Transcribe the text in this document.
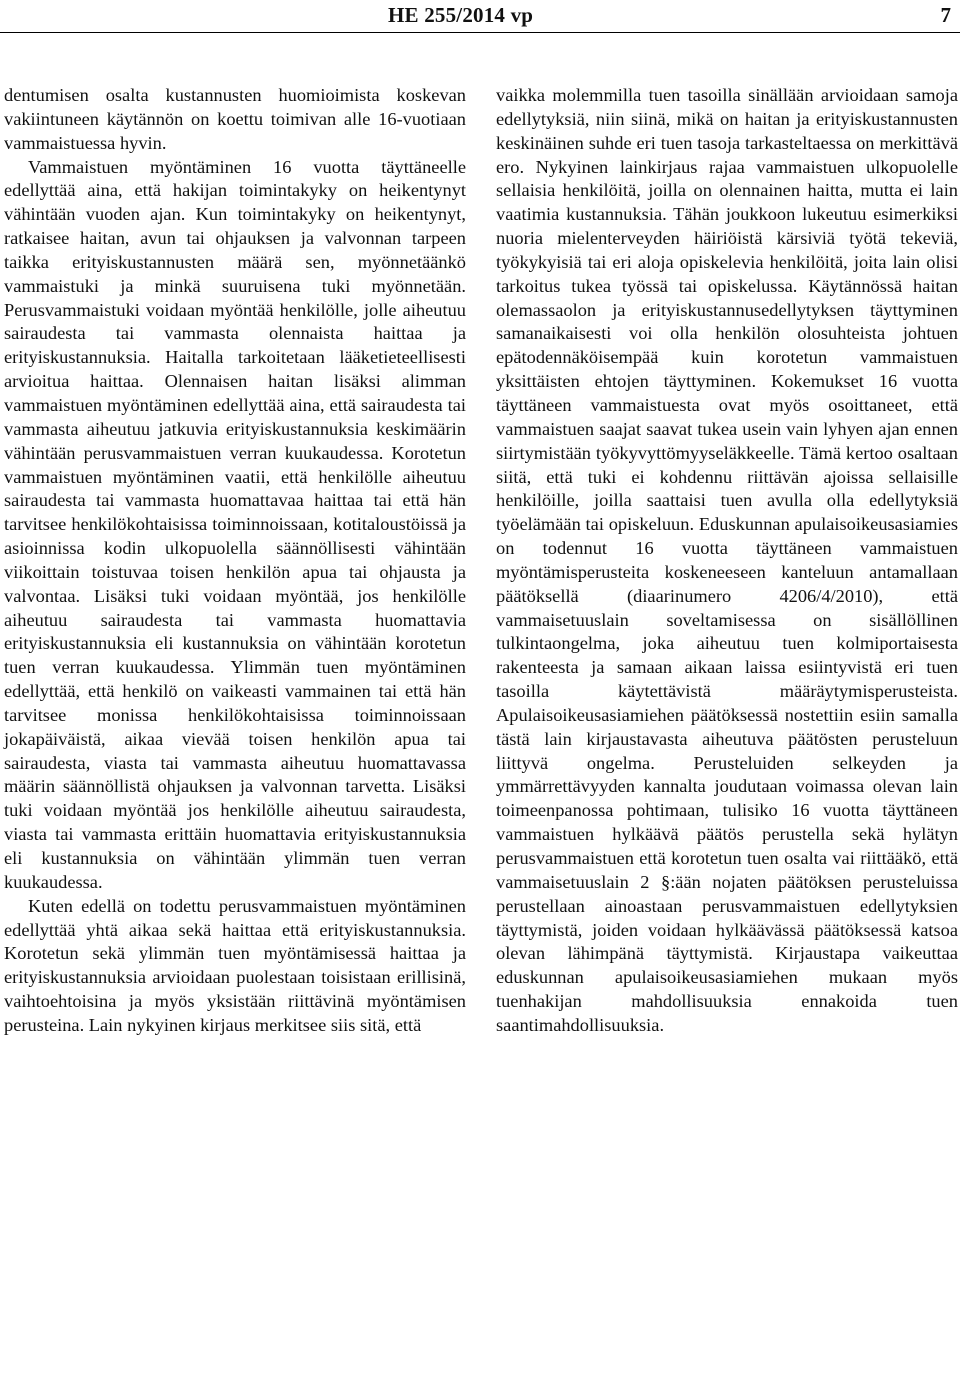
HE 255/2014 vp	7

dentumisen osalta kustannusten huomioimista koskevan vakiintuneen käytännön on koettu toimivan alle 16-vuotiaan vammaistuessa hyvin.

Vammaistuen myöntäminen 16 vuotta täyttäneelle edellyttää aina, että hakijan toimintakyky on heikentynyt vähintään vuoden ajan. Kun toimintakyky on heikentynyt, ratkaisee haitan, avun tai ohjauksen ja valvonnan tarpeen taikka erityiskustannusten määrä sen, myönnetäänkö vammaistuki ja minkä suuruisena tuki myönnetään. Perusvammaistuki voidaan myöntää henkilölle, jolle aiheutuu sairaudesta tai vammasta olennaista haittaa ja erityiskustannuksia. Haitalla tarkoitetaan lääketieteellisesti arvioitua haittaa. Olennaisen haitan lisäksi alimman vammaistuen myöntäminen edellyttää aina, että sairaudesta tai vammasta aiheutuu jatkuvia erityiskustannuksia keskimäärin vähintään perusvammaistuen verran kuukaudessa. Korotetun vammaistuen myöntäminen vaatii, että henkilölle aiheutuu sairaudesta tai vammasta huomattavaa haittaa tai että hän tarvitsee henkilökohtaisissa toiminnoissaan, kotitaloustöissä ja asioinnissa kodin ulkopuolella säännöllisesti vähintään viikoittain toistuvaa toisen henkilön apua tai ohjausta ja valvontaa. Lisäksi tuki voidaan myöntää, jos henkilölle aiheutuu sairaudesta tai vammasta huomattavia erityiskustannuksia eli kustannuksia on vähintään korotetun tuen verran kuukaudessa. Ylimmän tuen myöntäminen edellyttää, että henkilö on vaikeasti vammainen tai että hän tarvitsee monissa henkilökohtaisissa toiminnoissaan jokapäiväistä, aikaa vievää toisen henkilön apua tai sairaudesta, viasta tai vammasta aiheutuu huomattavassa määrin säännöllistä ohjauksen ja valvonnan tarvetta. Lisäksi tuki voidaan myöntää jos henkilölle aiheutuu sairaudesta, viasta tai vammasta erittäin huomattavia erityiskustannuksia eli kustannuksia on vähintään ylimmän tuen verran kuukaudessa.

Kuten edellä on todettu perusvammaistuen myöntäminen edellyttää yhtä aikaa sekä haittaa että erityiskustannuksia. Korotetun sekä ylimmän tuen myöntämisessä haittaa ja erityiskustannuksia arvioidaan puolestaan toisistaan erillisinä, vaihtoehtoisina ja myös yksistään riittävinä myöntämisen perusteina. Lain nykyinen kirjaus merkitsee siis sitä, että

vaikka molemmilla tuen tasoilla sinällään arvioidaan samoja edellytyksiä, niin siinä, mikä on haitan ja erityiskustannusten keskinäinen suhde eri tuen tasoja tarkasteltaessa on merkittävä ero. Nykyinen lainkirjaus rajaa vammaistuen ulkopuolelle sellaisia henkilöitä, joilla on olennainen haitta, mutta ei lain vaatimia kustannuksia. Tähän joukkoon lukeutuu esimerkiksi nuoria mielenterveyden häiriöistä kärsiviä työtä tekeviä, työkykyisiä tai eri aloja opiskelevia henkilöitä, joita lain olisi tarkoitus tukea työssä tai opiskelussa. Käytännössä haitan olemassaolon ja erityiskustannusedellytyksen täyttyminen samanaikaisesti voi olla henkilön olosuhteista johtuen epätodennäköisempää kuin korotetun vammaistuen yksittäisten ehtojen täyttyminen. Kokemukset 16 vuotta täyttäneen vammaistuesta ovat myös osoittaneet, että vammaistuen saajat saavat tukea usein vain lyhyen ajan ennen siirtymistään työkyvyttömyyseläkkeelle. Tämä kertoo osaltaan siitä, että tuki ei kohdennu riittävän ajoissa sellaisille henkilöille, joilla saattaisi tuen avulla olla edellytyksiä työelämään tai opiskeluun. Eduskunnan apulaisoikeusasiamies on todennut 16 vuotta täyttäneen vammaistuen myöntämisperusteita koskeneeseen kanteluun antamallaan päätöksellä (diaarinumero 4206/4/2010), että vammaisetuuslain soveltamisessa on sisällöllinen tulkintaongelma, joka aiheutuu tuen kolmiportaisesta rakenteesta ja samaan aikaan laissa esiintyvistä eri tuen tasoilla käytettävistä määräytymisperusteista. Apulaisoikeusasiamiehen päätöksessä nostettiin esiin samalla tästä lain kirjaustavasta aiheutuva päätösten perusteluun liittyvä ongelma. Perusteluiden selkeyden ja ymmärrettävyyden kannalta joudutaan voimassa olevan lain toimeenpanossa pohtimaan, tulisiko 16 vuotta täyttäneen vammaistuen hylkäävä päätös perustella sekä hylätyn perusvammaistuen että korotetun tuen osalta vai riittääkö, että vammaisetuuslain 2 §:ään nojaten päätöksen perusteluissa perustellaan ainoastaan perusvammaistuen edellytyksien täyttymistä, joiden voidaan hylkäävässä päätöksessä katsoa olevan lähimpänä täyttymistä. Kirjaustapa vaikeuttaa eduskunnan apulaisoikeusasiamiehen mukaan myös tuenhakijan mahdollisuuksia ennakoida tuen saantimahdollisuuksia.
